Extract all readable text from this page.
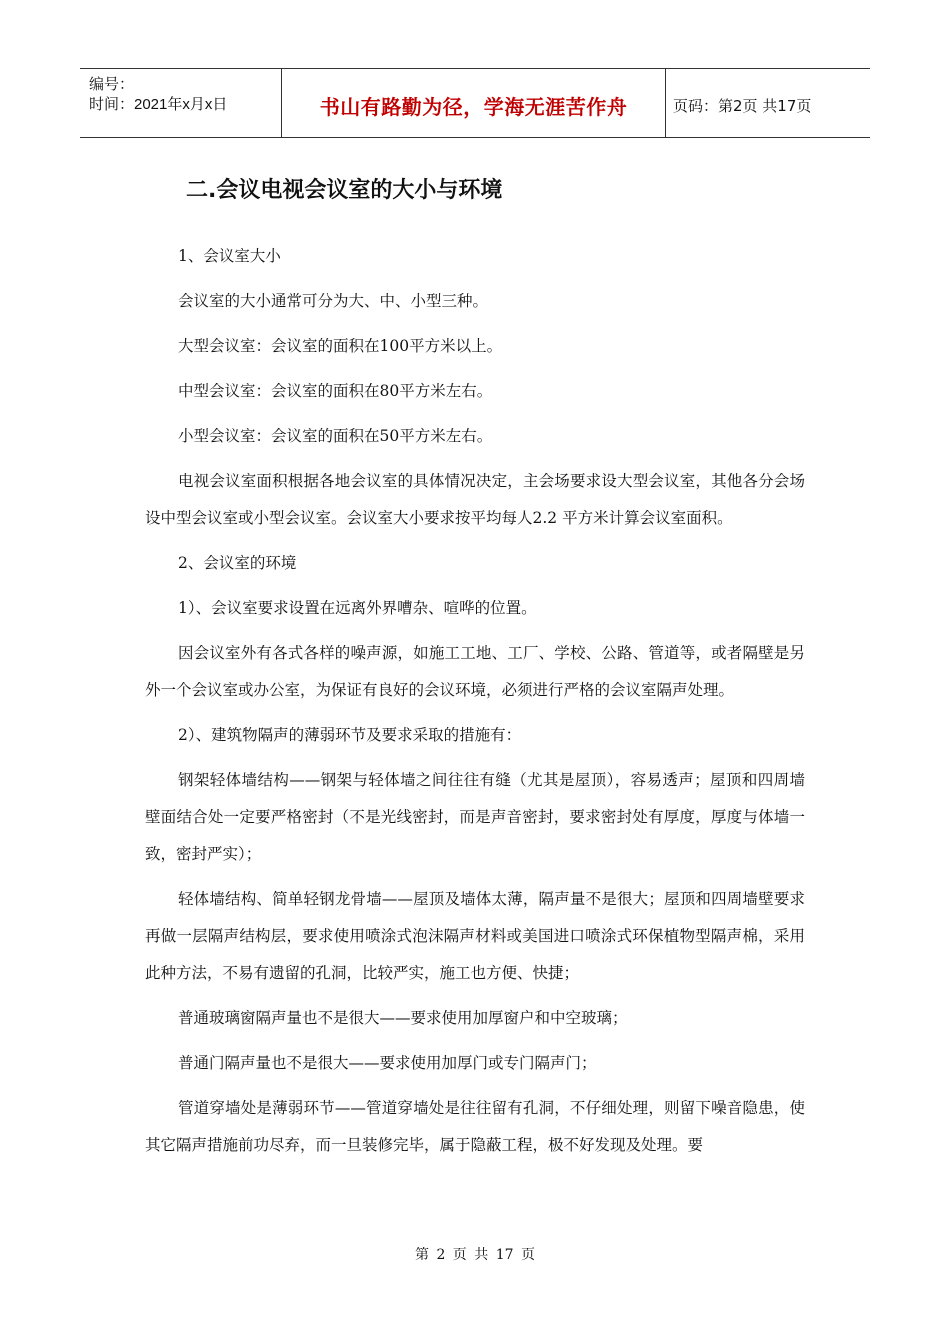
编号：
时间：2021年x月x日	书山有路勤为径，学海无涯苦作舟	页码：第2页 共17页
二.会议电视会议室的大小与环境

1、会议室大小

会议室的大小通常可分为大、中、小型三种。

大型会议室：会议室的面积在100平方米以上。

中型会议室：会议室的面积在80平方米左右。

小型会议室：会议室的面积在50平方米左右。

电视会议室面积根据各地会议室的具体情况决定，主会场要求设大型会议室，其他各分会场设中型会议室或小型会议室。会议室大小要求按平均每人2.2 平方米计算会议室面积。

2、会议室的环境

1）、会议室要求设置在远离外界嘈杂、喧哗的位置。

因会议室外有各式各样的噪声源，如施工工地、工厂、学校、公路、管道等，或者隔壁是另外一个会议室或办公室，为保证有良好的会议环境，必须进行严格的会议室隔声处理。

2）、建筑物隔声的薄弱环节及要求采取的措施有：

钢架轻体墙结构——钢架与轻体墙之间往往有缝（尤其是屋顶），容易透声；屋顶和四周墙壁面结合处一定要严格密封（不是光线密封，而是声音密封，要求密封处有厚度，厚度与体墙一致，密封严实）；

轻体墙结构、简单轻钢龙骨墙——屋顶及墙体太薄，隔声量不是很大；屋顶和四周墙壁要求再做一层隔声结构层，要求使用喷涂式泡沫隔声材料或美国进口喷涂式环保植物型隔声棉，采用此种方法，不易有遗留的孔洞，比较严实，施工也方便、快捷；

普通玻璃窗隔声量也不是很大——要求使用加厚窗户和中空玻璃；

普通门隔声量也不是很大——要求使用加厚门或专门隔声门；

管道穿墙处是薄弱环节——管道穿墙处是往往留有孔洞，不仔细处理，则留下噪音隐患，使其它隔声措施前功尽弃，而一旦装修完毕，属于隐蔽工程，极不好发现及处理。要

第 2 页 共 17 页
